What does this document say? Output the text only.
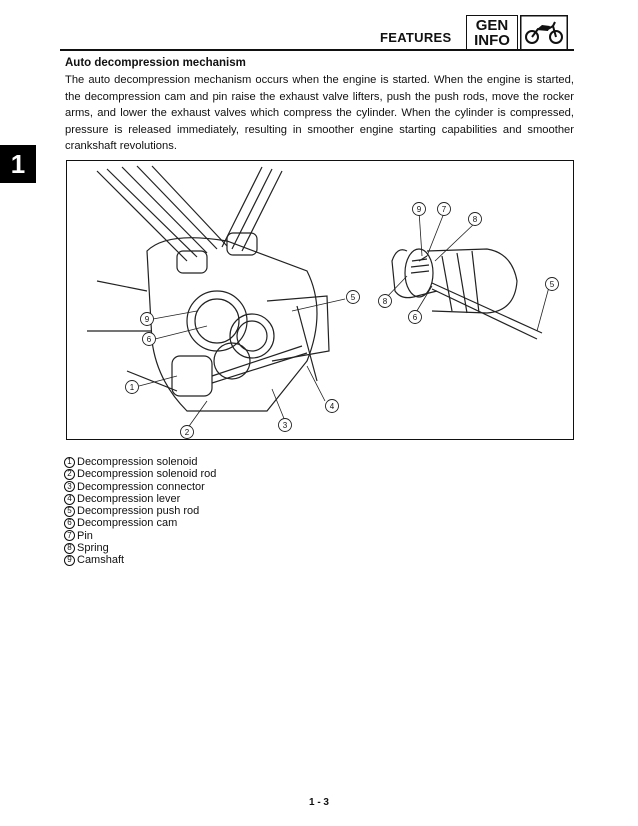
FEATURES
GEN
INFO
1
Auto decompression mechanism
The auto decompression mechanism occurs when the engine is started. When the engine is started, the decompression cam and pin raise the exhaust valve lifters, push the push rods, move the rocker arms, and lower the exhaust valves which compress the cylinder. When the cylinder is compressed, pressure is released immediately, resulting in smoother engine starting capabilities and smoother crankshaft revolutions.
1
2
3
4
5
6
9
9	7
8
8
6
5
1 Decompression solenoid
2 Decompression solenoid rod
3 Decompression connector
4 Decompression lever
5 Decompression push rod
6 Decompression cam
7 Pin
8 Spring
9 Camshaft
1 - 3
